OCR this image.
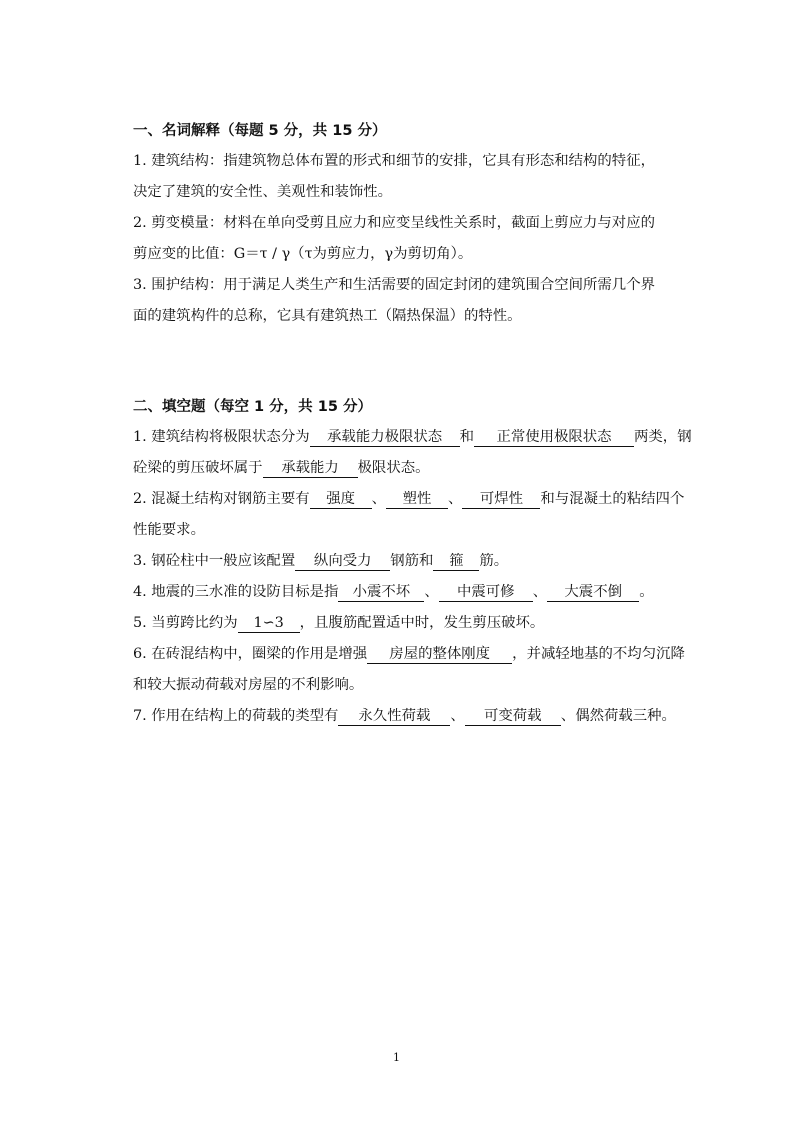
一、名词解释（每题 5 分，共 15 分）
1. 建筑结构：指建筑物总体布置的形式和细节的安排，它具有形态和结构的特征，
决定了建筑的安全性、美观性和装饰性。
2. 剪变模量：材料在单向受剪且应力和应变呈线性关系时，截面上剪应力与对应的
剪应变的比值：G＝τ / γ（τ为剪应力，γ为剪切角）。
3. 围护结构：用于满足人类生产和生活需要的固定封闭的建筑围合空间所需几个界
面的建筑构件的总称，它具有建筑热工（隔热保温）的特性。
二、填空题（每空 1 分，共 15 分）
1. 建筑结构将极限状态分为 承载能力极限状态 和 正常使用极限状态 两类，钢
砼梁的剪压破坏属于 承载能力 极限状态。
2. 混凝土结构对钢筋主要有 强度 、 塑性 、 可焊性 和与混凝土的粘结四个
性能要求。
3. 钢砼柱中一般应该配置 纵向受力 钢筋和 箍 筋。
4. 地震的三水准的设防目标是指 小震不坏 、 中震可修 、 大震不倒 。
5. 当剪跨比约为 1∽3 ，且腹筋配置适中时，发生剪压破坏。
6. 在砖混结构中，圈梁的作用是增强 房屋的整体刚度 ，并减轻地基的不均匀沉降
和较大振动荷载对房屋的不利影响。
7. 作用在结构上的荷载的类型有 永久性荷载 、 可变荷载 、偶然荷载三种。
1
